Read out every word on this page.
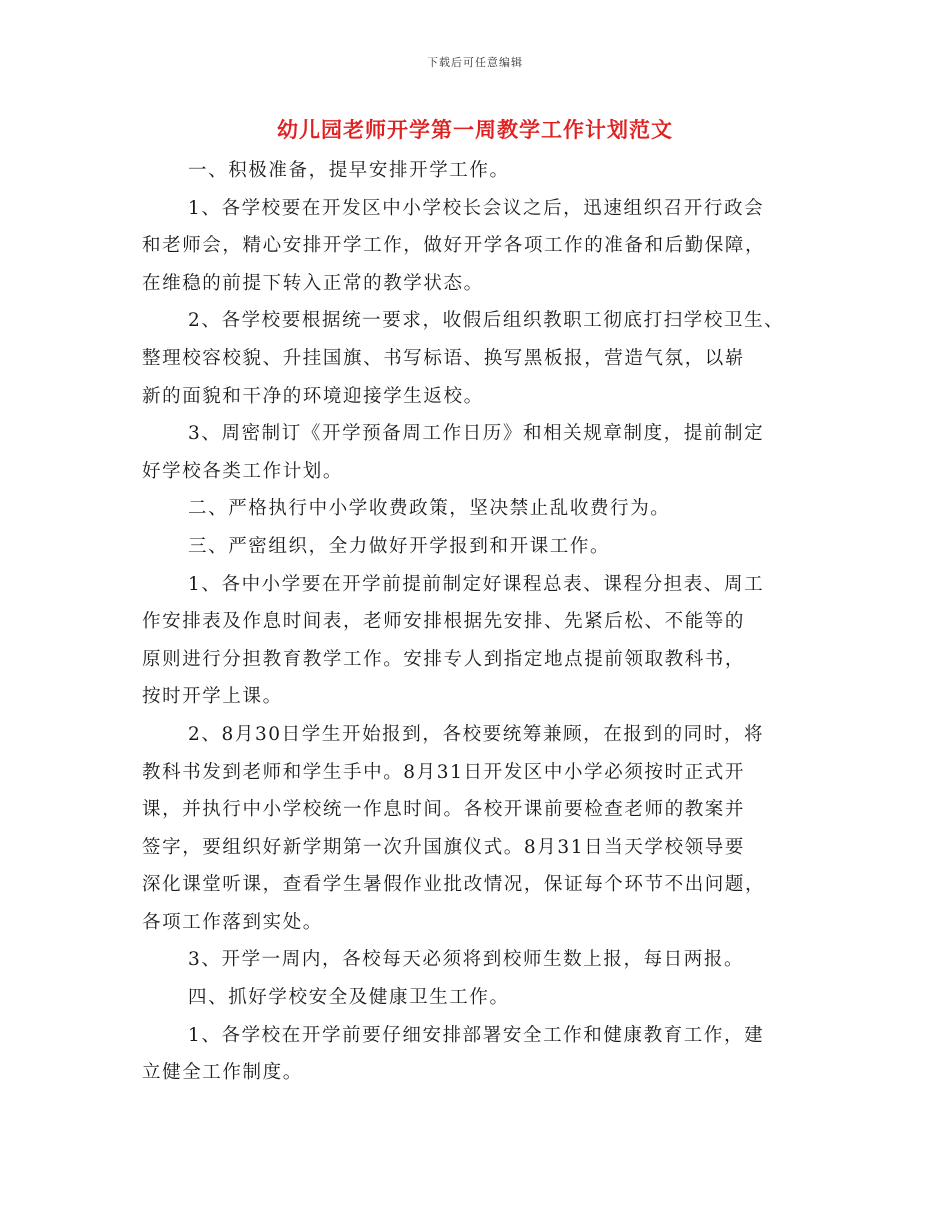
下载后可任意编辑
幼儿园老师开学第一周教学工作计划范文
一、积极准备，提早安排开学工作。
1、各学校要在开发区中小学校长会议之后，迅速组织召开行政会
和老师会，精心安排开学工作，做好开学各项工作的准备和后勤保障，
在维稳的前提下转入正常的教学状态。
2、各学校要根据统一要求，收假后组织教职工彻底打扫学校卫生、
整理校容校貌、升挂国旗、书写标语、换写黑板报，营造气氛，以崭
新的面貌和干净的环境迎接学生返校。
3、周密制订《开学预备周工作日历》和相关规章制度，提前制定
好学校各类工作计划。
二、严格执行中小学收费政策，坚决禁止乱收费行为。
三、严密组织，全力做好开学报到和开课工作。
1、各中小学要在开学前提前制定好课程总表、课程分担表、周工
作安排表及作息时间表，老师安排根据先安排、先紧后松、不能等的
原则进行分担教育教学工作。安排专人到指定地点提前领取教科书，
按时开学上课。
2、8月30日学生开始报到，各校要统筹兼顾，在报到的同时，将
教科书发到老师和学生手中。8月31日开发区中小学必须按时正式开
课，并执行中小学校统一作息时间。各校开课前要检查老师的教案并
签字，要组织好新学期第一次升国旗仪式。8月31日当天学校领导要
深化课堂听课，查看学生暑假作业批改情况，保证每个环节不出问题，
各项工作落到实处。
3、开学一周内，各校每天必须将到校师生数上报，每日两报。
四、抓好学校安全及健康卫生工作。
1、各学校在开学前要仔细安排部署安全工作和健康教育工作，建
立健全工作制度。
